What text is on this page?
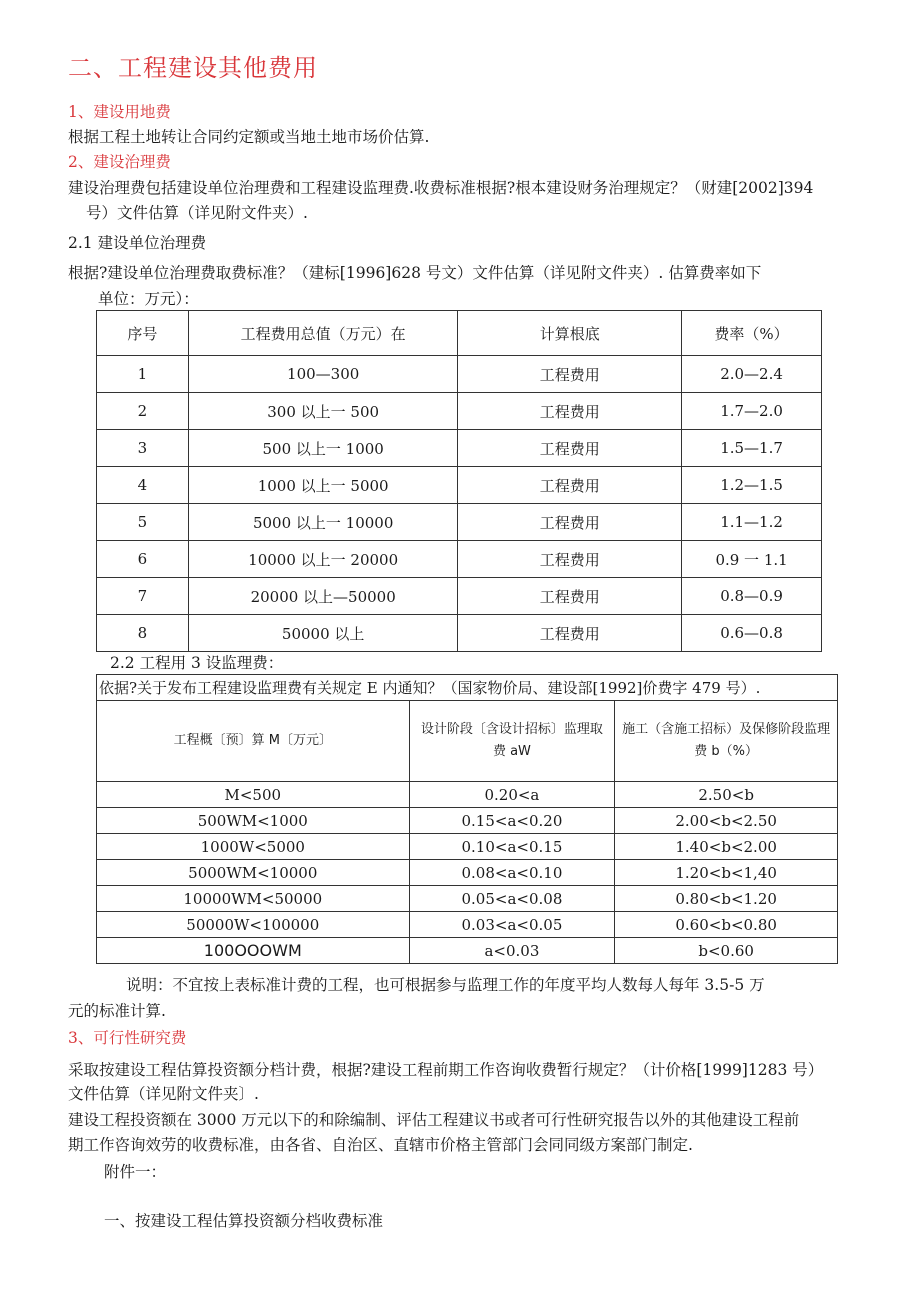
二、工程建设其他费用
1、建设用地费
根据工程土地转让合同约定额或当地土地市场价估算.
2、建设治理费
建设治理费包括建设单位治理费和工程建设监理费.收费标准根据?根本建设财务治理规定？（财建[2002]394
号）文件估算（详见附文件夹）.
2.1 建设单位治理费
根据?建设单位治理费取费标准？（建标[1996]628 号文）文件估算（详见附文件夹）. 估算费率如下
单位：万元）：
序号	工程费用总值（万元）在	计算根底	费率（%）
1	100—300	工程费用	2.0—2.4
2	300 以上一 500	工程费用	1.7—2.0
3	500 以上一 1000	工程费用	1.5—1.7
4	1000 以上一 5000	工程费用	1.2—1.5
5	5000 以上一 10000	工程费用	1.1—1.2
6	10000 以上一 20000	工程费用	0.9 一 1.1
7	20000 以上—50000	工程费用	0.8—0.9
8	50000 以上	工程费用	0.6—0.8
2.2 工程用 3 设监理费：
依据?关于发布工程建设监理费有关规定 E 内通知？（国家物价局、建设部[1992]价费字 479 号）.		
工程概〔预〕算 M〔万元〕	设计阶段〔含设计招标〕监理取费 aW	施工（含施工招标）及保修阶段监理费 b（%）
M<500	0.20<a	2.50<b
500WM<1000	0.15<a<0.20	2.00<b<2.50
1000W<5000	0.10<a<0.15	1.40<b<2.00
5000WM<10000	0.08<a<0.10	1.20<b<1,40
10000WM<50000	0.05<a<0.08	0.80<b<1.20
50000W<100000	0.03<a<0.05	0.60<b<0.80
100OOOWM	a<0.03	b<0.60
说明：不宜按上表标准计费的工程，也可根据参与监理工作的年度平均人数每人每年 3.5-5 万
元的标准计算.
3、可行性研究费
采取按建设工程估算投资额分档计费，根据?建设工程前期工作咨询收费暂行规定？（计价格[1999]1283 号）
文件估算（详见附文件夹〕.
建设工程投资额在 3000 万元以下的和除编制、评估工程建议书或者可行性研究报告以外的其他建设工程前
期工作咨询效劳的收费标准，由各省、自治区、直辖市价格主管部门会同同级方案部门制定.
附件一：
一、按建设工程估算投资额分档收费标准
